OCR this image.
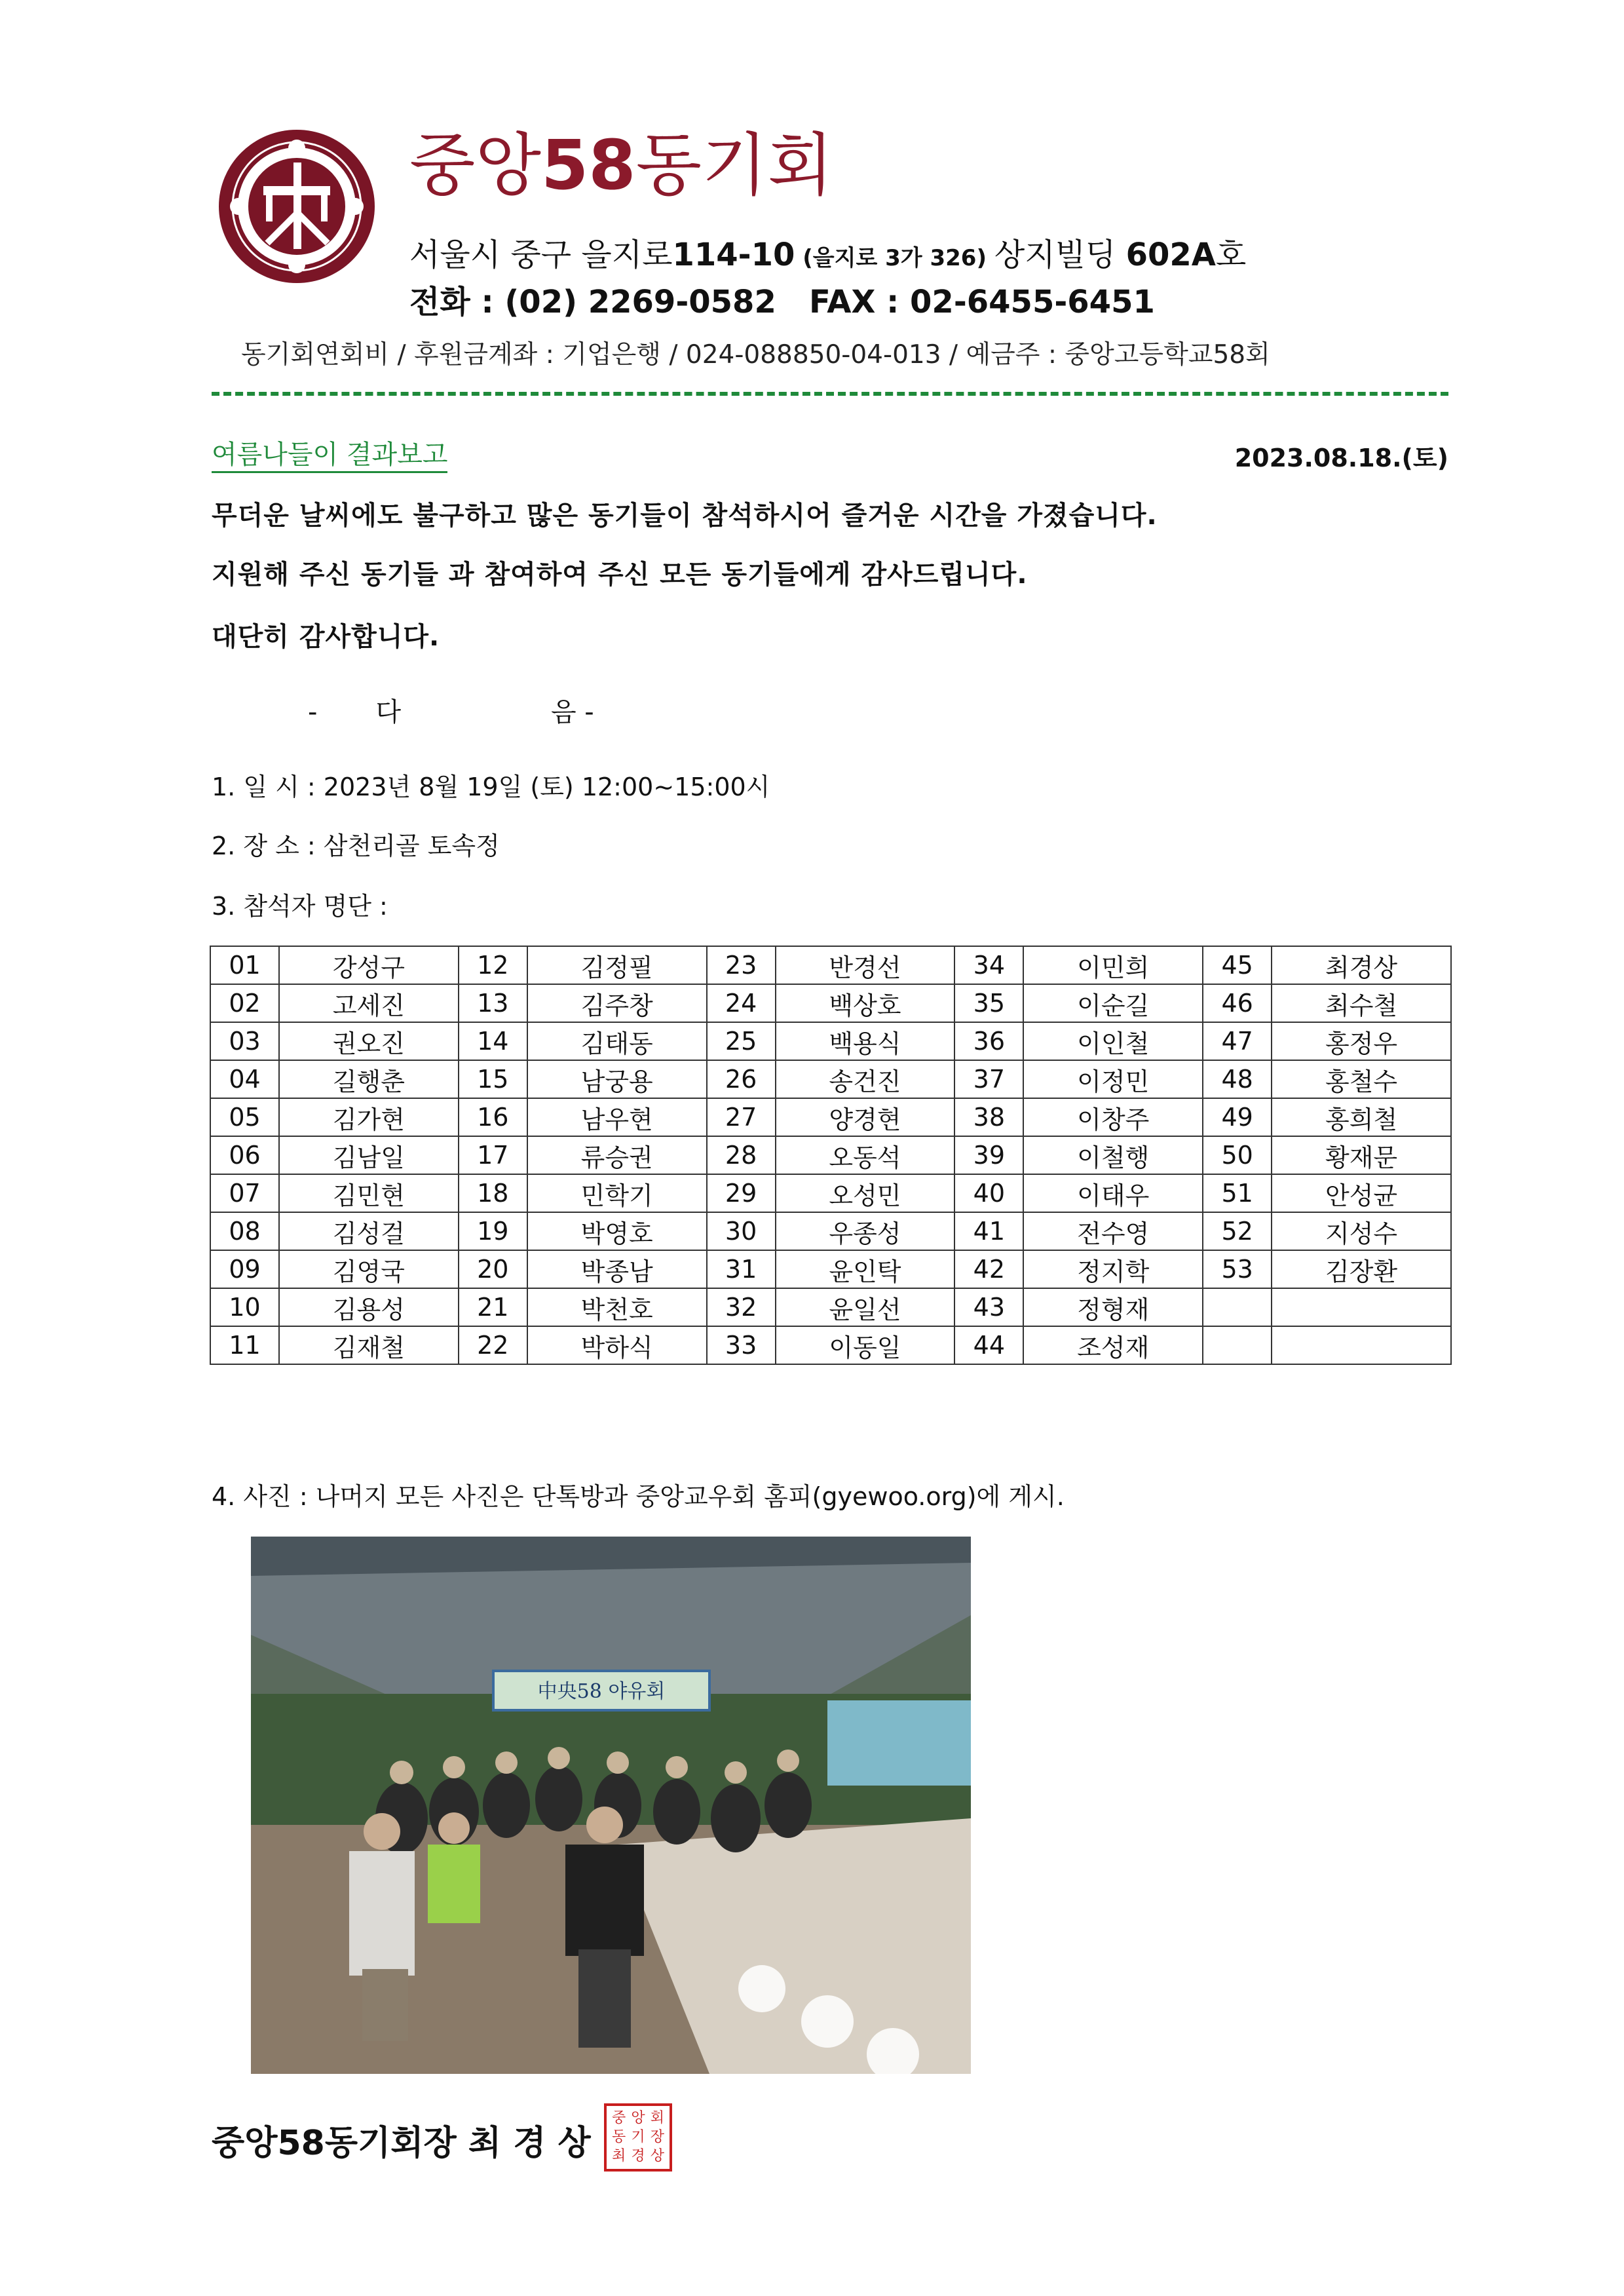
중앙58동기회
서울시 중구 을지로114-10 (을지로 3가 326) 상지빌딩 602A호
전화 : (02) 2269-0582   FAX : 02-6455-6451
동기회연회비 / 후원금계좌 : 기업은행 / 024-088850-04-013 / 예금주 : 중앙고등학교58회
여름나들이 결과보고	2023.08.18.(토)
무더운 날씨에도 불구하고 많은 동기들이 참석하시어 즐거운 시간을 가졌습니다.
지원해 주신 동기들 과 참여하여 주신 모든 동기들에게 감사드립니다.
대단히 감사합니다.
-       다                  음 -
1. 일 시 : 2023년 8월 19일 (토) 12:00~15:00시
2. 장 소 : 삼천리골 토속정
3. 참석자 명단 :
01	강성구	12	김정필	23	반경선	34	이민희	45	최경상
02	고세진	13	김주창	24	백상호	35	이순길	46	최수철
03	권오진	14	김태동	25	백용식	36	이인철	47	홍정우
04	길행춘	15	남궁용	26	송건진	37	이정민	48	홍철수
05	김가현	16	남우현	27	양경현	38	이창주	49	홍희철
06	김남일	17	류승권	28	오동석	39	이철행	50	황재문
07	김민현	18	민학기	29	오성민	40	이태우	51	안성균
08	김성걸	19	박영호	30	우종성	41	전수영	52	지성수
09	김영국	20	박종남	31	윤인탁	42	정지학	53	김장환
10	김용성	21	박천호	32	윤일선	43	정형재		
11	김재철	22	박하식	33	이동일	44	조성재		
4. 사진 : 나머지 모든 사진은 단톡방과 중앙교우회 홈피(gyewoo.org)에 게시.
中央58 야유회
중앙58동기회장 최 경 상
중 앙 회
동 기 장
최 경 상
